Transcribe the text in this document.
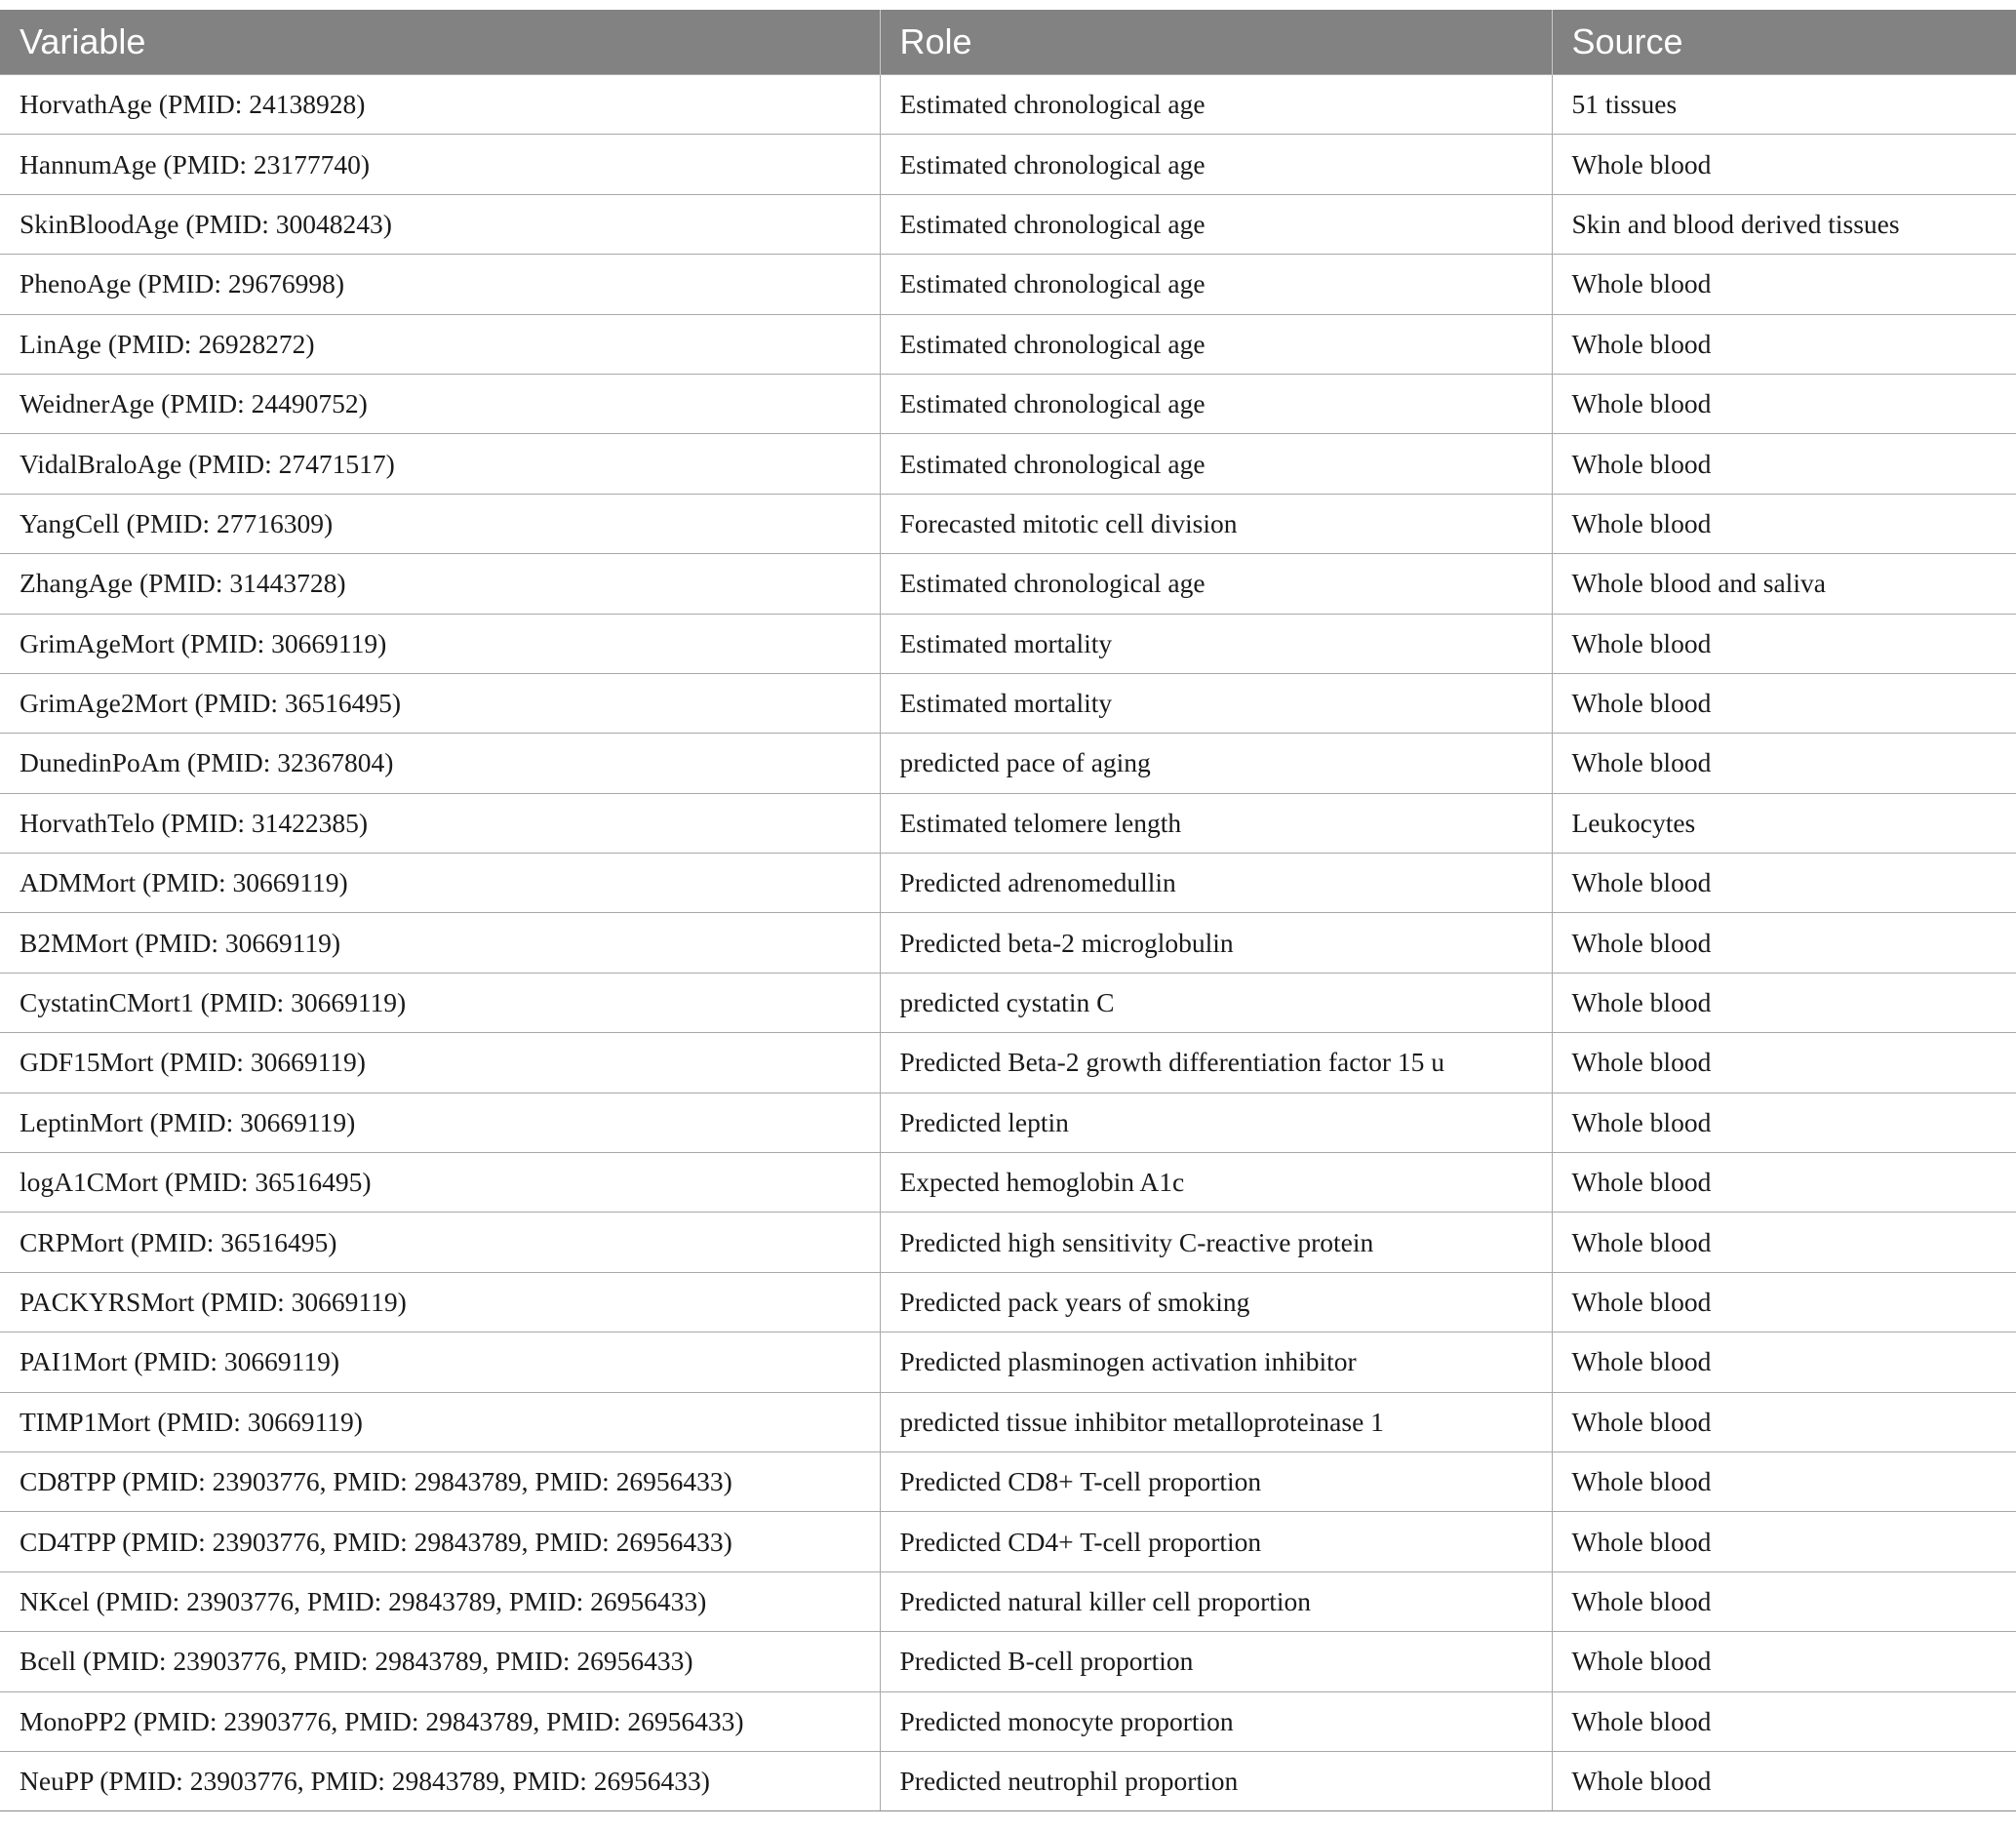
Variable	Role	Source
HorvathAge (PMID: 24138928)	Estimated chronological age	51 tissues
HannumAge (PMID: 23177740)	Estimated chronological age	Whole blood
SkinBloodAge (PMID: 30048243)	Estimated chronological age	Skin and blood derived tissues
PhenoAge (PMID: 29676998)	Estimated chronological age	Whole blood
LinAge (PMID: 26928272)	Estimated chronological age	Whole blood
WeidnerAge (PMID: 24490752)	Estimated chronological age	Whole blood
VidalBraloAge (PMID: 27471517)	Estimated chronological age	Whole blood
YangCell (PMID: 27716309)	Forecasted mitotic cell division	Whole blood
ZhangAge (PMID: 31443728)	Estimated chronological age	Whole blood and saliva
GrimAgeMort (PMID: 30669119)	Estimated mortality	Whole blood
GrimAge2Mort (PMID: 36516495)	Estimated mortality	Whole blood
DunedinPoAm (PMID: 32367804)	predicted pace of aging	Whole blood
HorvathTelo (PMID: 31422385)	Estimated telomere length	Leukocytes
ADMMort (PMID: 30669119)	Predicted adrenomedullin	Whole blood
B2MMort (PMID: 30669119)	Predicted beta-2 microglobulin	Whole blood
CystatinCMort1 (PMID: 30669119)	predicted cystatin C	Whole blood
GDF15Mort (PMID: 30669119)	Predicted Beta-2 growth differentiation factor 15 u	Whole blood
LeptinMort (PMID: 30669119)	Predicted leptin	Whole blood
logA1CMort (PMID: 36516495)	Expected hemoglobin A1c	Whole blood
CRPMort (PMID: 36516495)	Predicted high sensitivity C-reactive protein	Whole blood
PACKYRSMort (PMID: 30669119)	Predicted pack years of smoking	Whole blood
PAI1Mort (PMID: 30669119)	Predicted plasminogen activation inhibitor	Whole blood
TIMP1Mort (PMID: 30669119)	predicted tissue inhibitor metalloproteinase 1	Whole blood
CD8TPP (PMID: 23903776, PMID: 29843789, PMID: 26956433)	Predicted CD8+ T-cell proportion	Whole blood
CD4TPP (PMID: 23903776, PMID: 29843789, PMID: 26956433)	Predicted CD4+ T-cell proportion	Whole blood
NKcel (PMID: 23903776, PMID: 29843789, PMID: 26956433)	Predicted natural killer cell proportion	Whole blood
Bcell (PMID: 23903776, PMID: 29843789, PMID: 26956433)	Predicted B-cell proportion	Whole blood
MonoPP2 (PMID: 23903776, PMID: 29843789, PMID: 26956433)	Predicted monocyte proportion	Whole blood
NeuPP (PMID: 23903776, PMID: 29843789, PMID: 26956433)	Predicted neutrophil proportion	Whole blood
